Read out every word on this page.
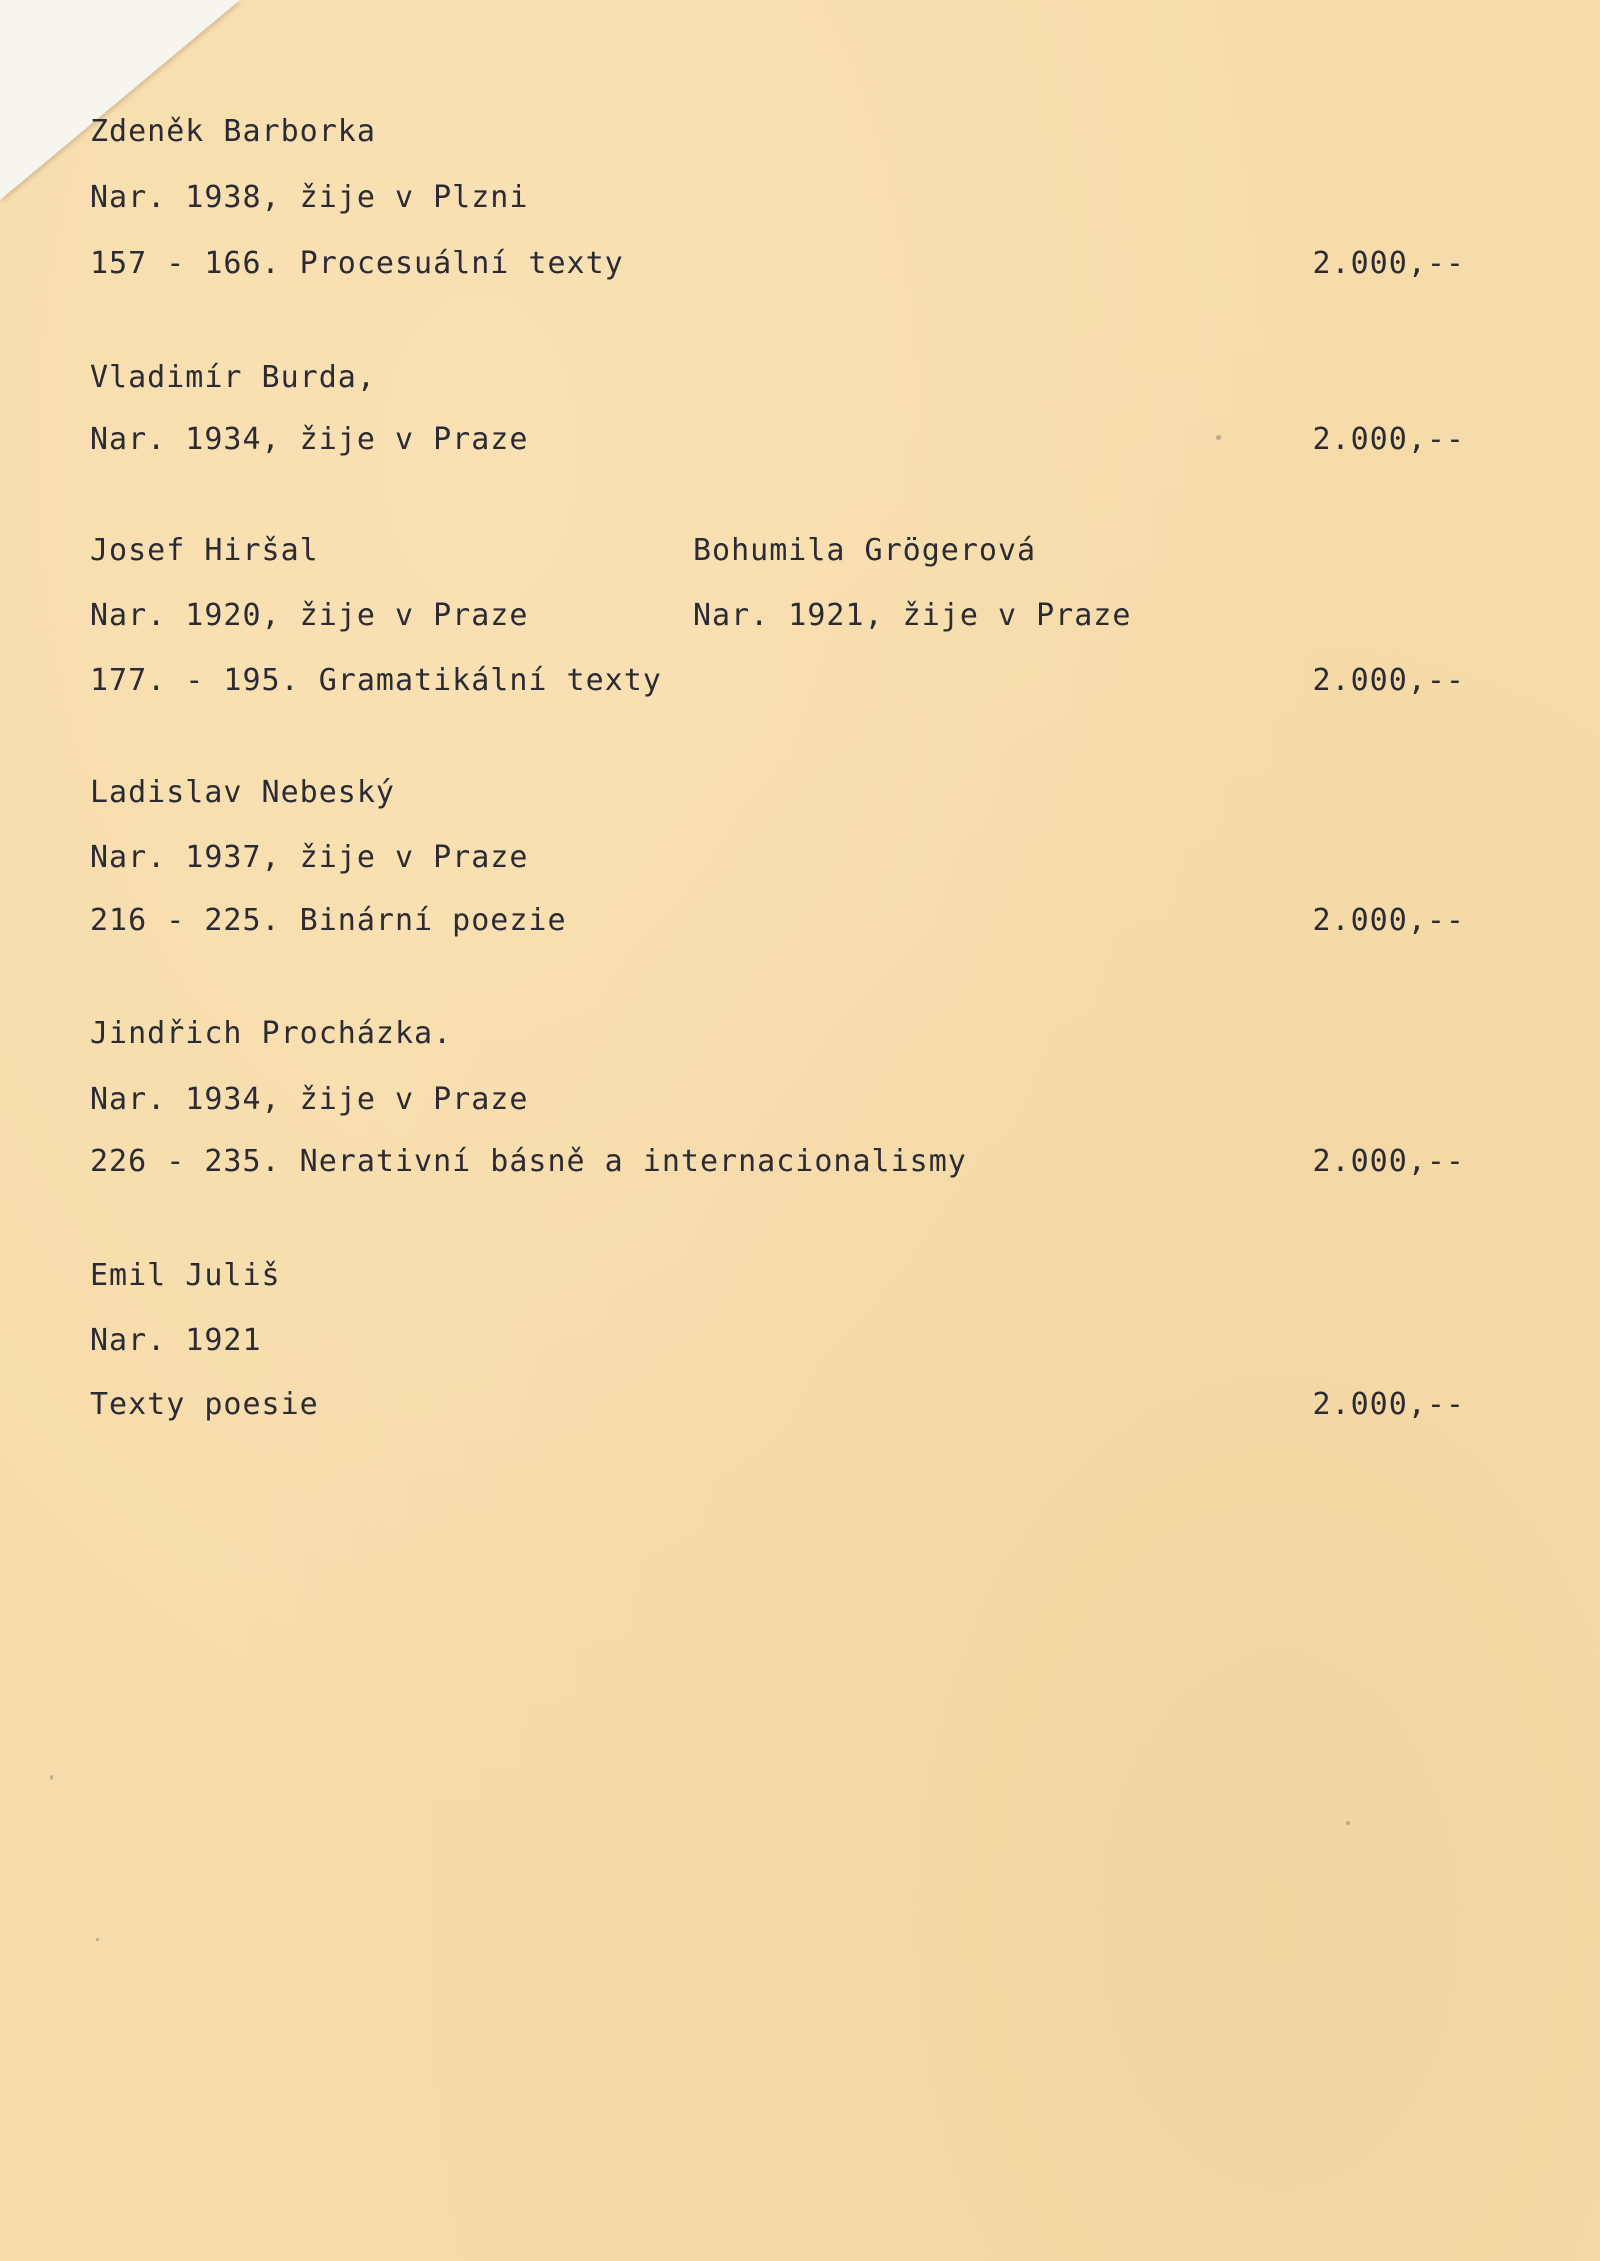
Zdeněk Barborka
Nar. 1938, žije v Plzni
157 - 166. Procesuální texty	2.000,--
Vladimír Burda,
Nar. 1934, žije v Praze	2.000,--
Josef Hiršal	Bohumila Grögerová
Nar. 1920, žije v Praze	Nar. 1921, žije v Praze
177. - 195. Gramatikální texty	2.000,--
Ladislav Nebeský
Nar. 1937, žije v Praze
216 - 225. Binární poezie	2.000,--
Jindřich Procházka.
Nar. 1934, žije v Praze
226 - 235. Nerativní básně a internacionalismy	2.000,--
Emil Juliš
Nar. 1921
Texty poesie	2.000,--
